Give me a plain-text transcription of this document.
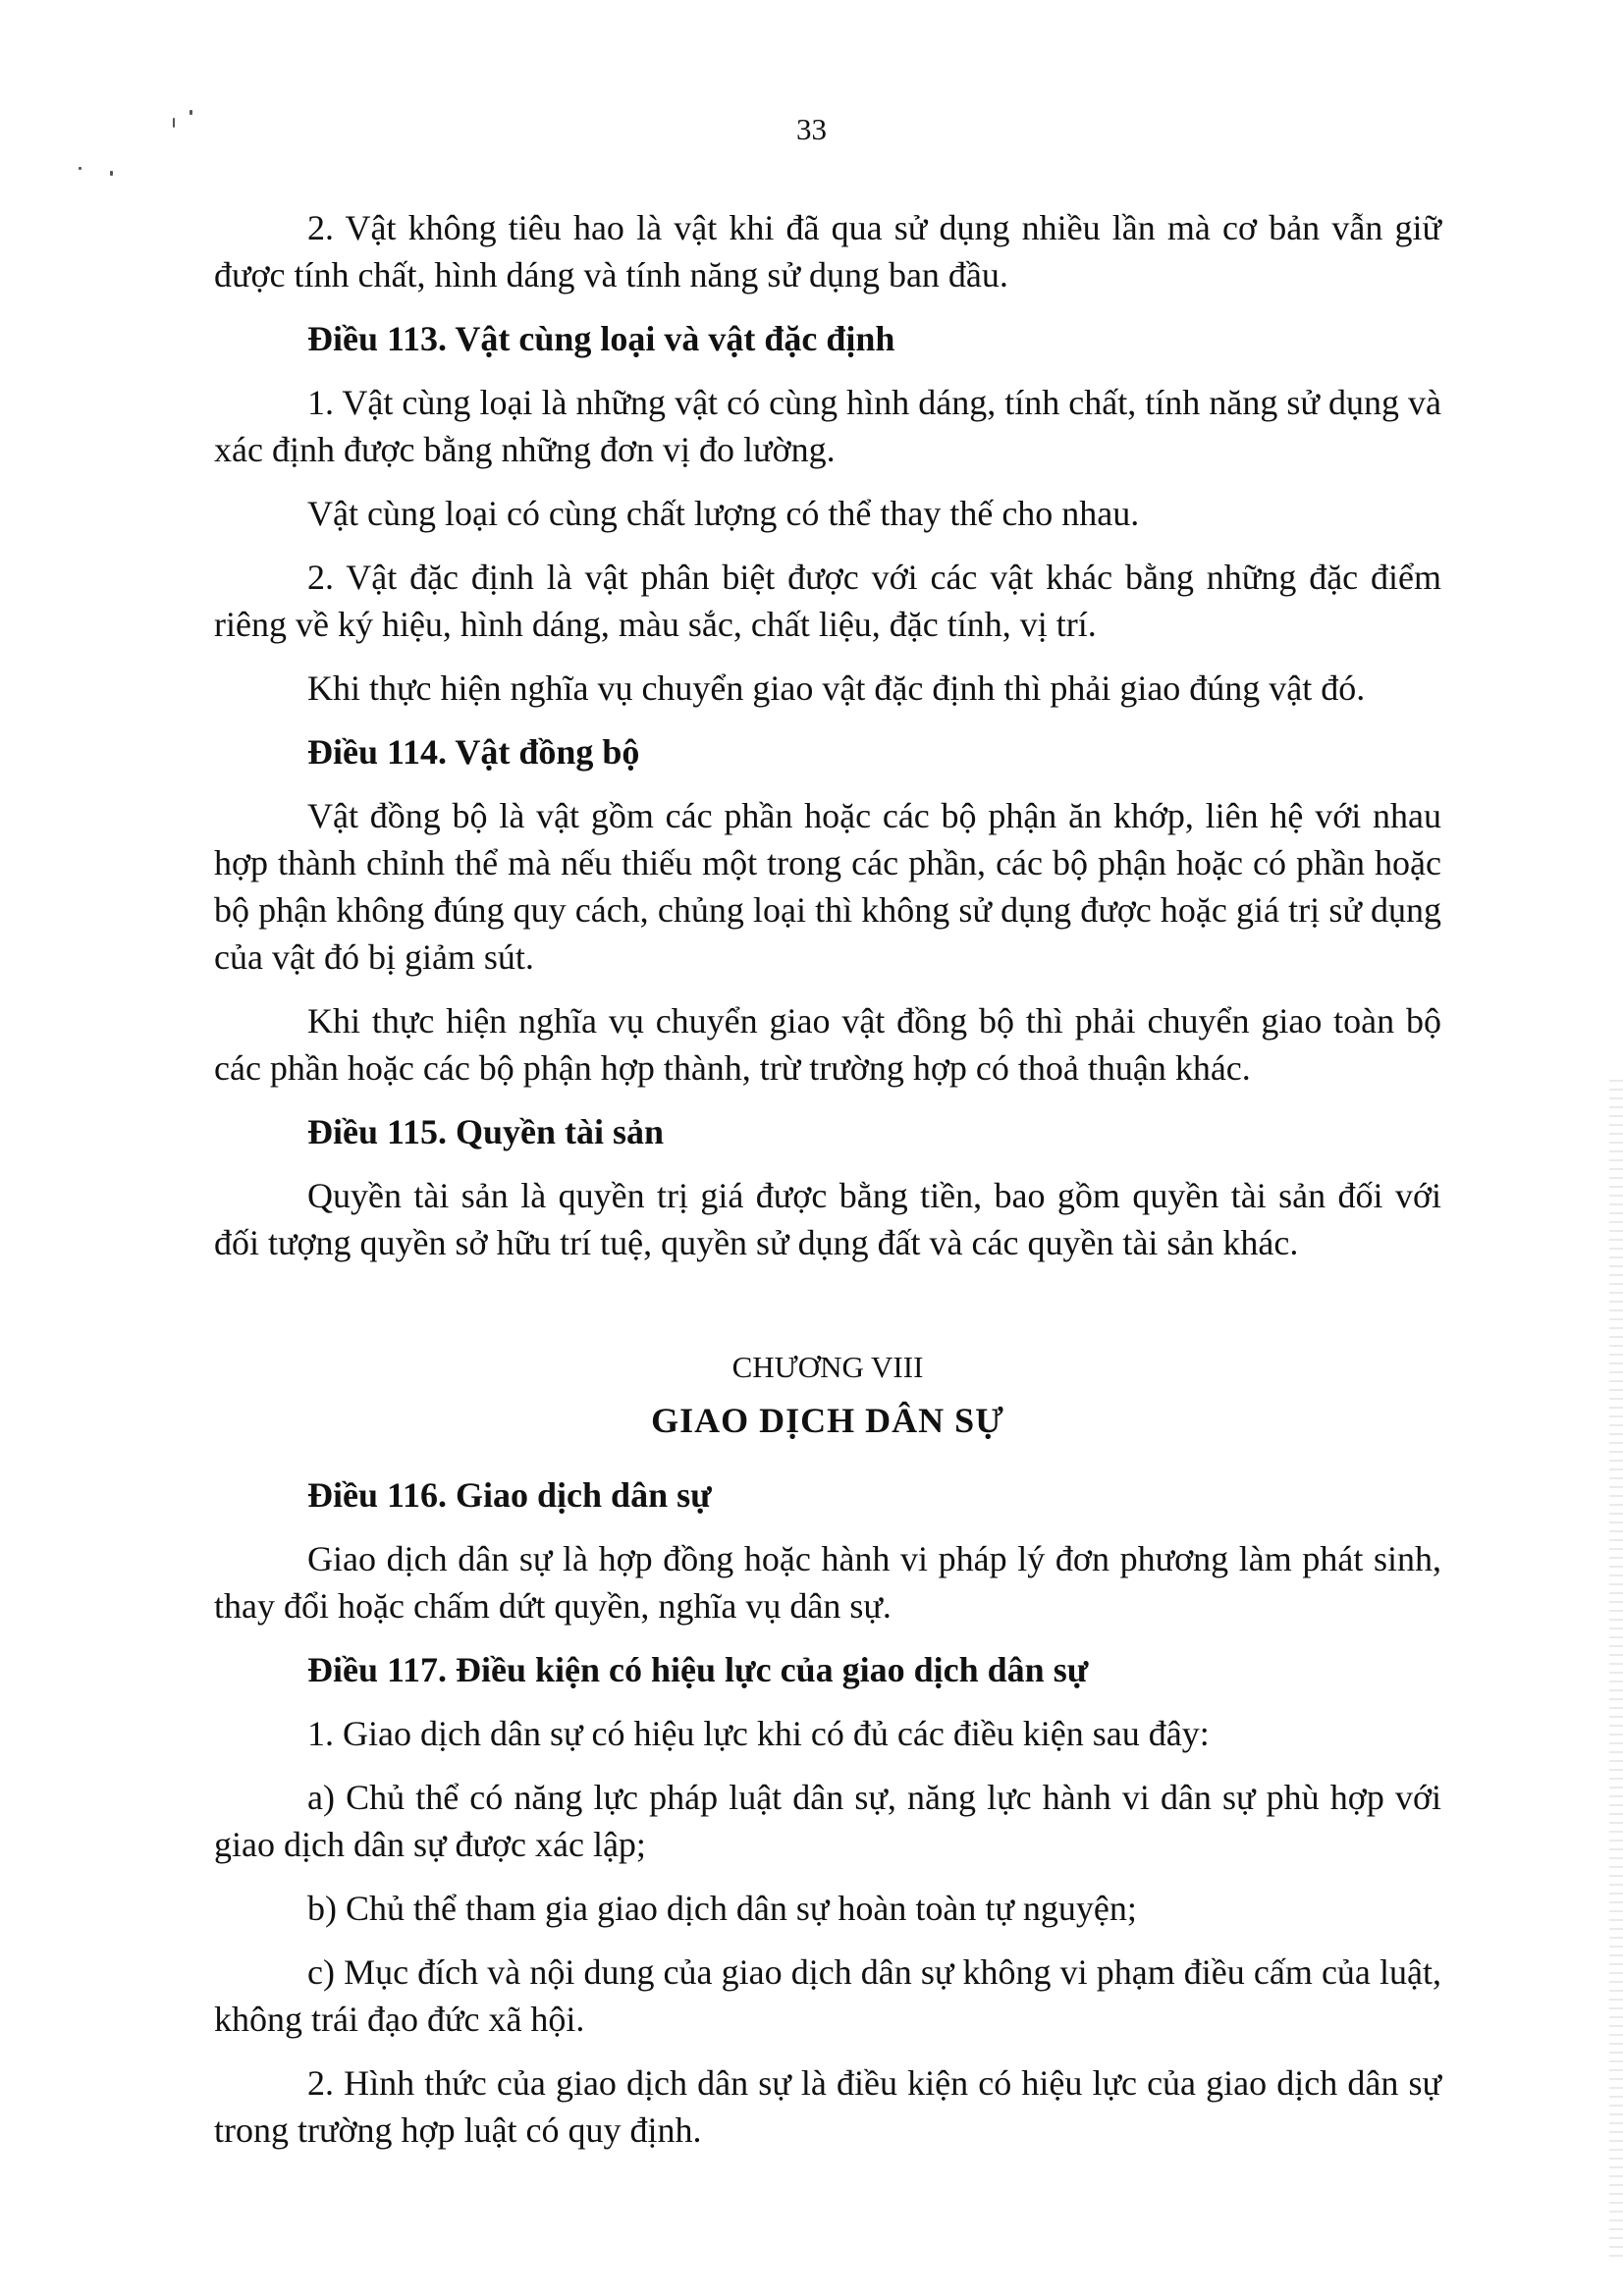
33

2. Vật không tiêu hao là vật khi đã qua sử dụng nhiều lần mà cơ bản vẫn giữ được tính chất, hình dáng và tính năng sử dụng ban đầu.

Điều 113. Vật cùng loại và vật đặc định

1. Vật cùng loại là những vật có cùng hình dáng, tính chất, tính năng sử dụng và xác định được bằng những đơn vị đo lường.

Vật cùng loại có cùng chất lượng có thể thay thế cho nhau.

2. Vật đặc định là vật phân biệt được với các vật khác bằng những đặc điểm riêng về ký hiệu, hình dáng, màu sắc, chất liệu, đặc tính, vị trí.

Khi thực hiện nghĩa vụ chuyển giao vật đặc định thì phải giao đúng vật đó.

Điều 114. Vật đồng bộ

Vật đồng bộ là vật gồm các phần hoặc các bộ phận ăn khớp, liên hệ với nhau hợp thành chỉnh thể mà nếu thiếu một trong các phần, các bộ phận hoặc có phần hoặc bộ phận không đúng quy cách, chủng loại thì không sử dụng được hoặc giá trị sử dụng của vật đó bị giảm sút.

Khi thực hiện nghĩa vụ chuyển giao vật đồng bộ thì phải chuyển giao toàn bộ các phần hoặc các bộ phận hợp thành, trừ trường hợp có thoả thuận khác.

Điều 115. Quyền tài sản

Quyền tài sản là quyền trị giá được bằng tiền, bao gồm quyền tài sản đối với đối tượng quyền sở hữu trí tuệ, quyền sử dụng đất và các quyền tài sản khác.

CHƯƠNG VIII
GIAO DỊCH DÂN SỰ

Điều 116. Giao dịch dân sự

Giao dịch dân sự là hợp đồng hoặc hành vi pháp lý đơn phương làm phát sinh, thay đổi hoặc chấm dứt quyền, nghĩa vụ dân sự.

Điều 117. Điều kiện có hiệu lực của giao dịch dân sự

1. Giao dịch dân sự có hiệu lực khi có đủ các điều kiện sau đây:

a) Chủ thể có năng lực pháp luật dân sự, năng lực hành vi dân sự phù hợp với giao dịch dân sự được xác lập;

b) Chủ thể tham gia giao dịch dân sự hoàn toàn tự nguyện;

c) Mục đích và nội dung của giao dịch dân sự không vi phạm điều cấm của luật, không trái đạo đức xã hội.

2. Hình thức của giao dịch dân sự là điều kiện có hiệu lực của giao dịch dân sự trong trường hợp luật có quy định.
